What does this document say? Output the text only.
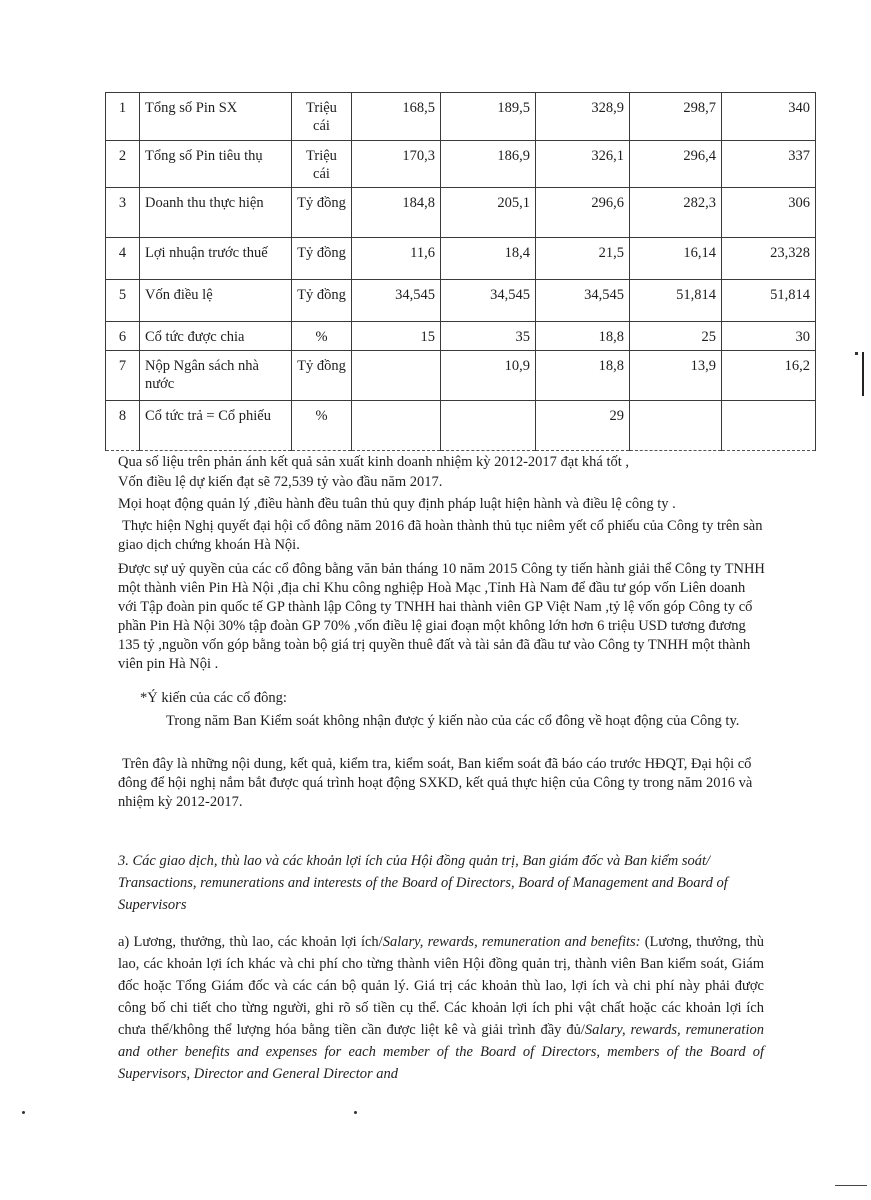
1	Tổng số Pin SX	Triệu cái	168,5	189,5	328,9	298,7	340
2	Tổng số Pin tiêu thụ	Triệu cái	170,3	186,9	326,1	296,4	337
3	Doanh thu thực hiện	Tỷ đồng	184,8	205,1	296,6	282,3	306
4	Lợi nhuận trước thuế	Tỷ đồng	11,6	18,4	21,5	16,14	23,328
5	Vốn điều lệ	Tỷ đồng	34,545	34,545	34,545	51,814	51,814
6	Cổ tức được chia	%	15	35	18,8	25	30
7	Nộp Ngân sách nhà nước	Tỷ đồng		10,9	18,8	13,9	16,2
8	Cổ tức trả = Cổ phiếu	%			29		

Qua số liệu trên phản ánh kết quả sản xuất kinh doanh nhiệm kỳ 2012-2017 đạt khá tốt ,

Vốn điều lệ dự kiến đạt sẽ 72,539 tỷ vào đầu năm 2017.

Mọi hoạt động quản lý ,điều hành đều tuân thủ quy định pháp luật hiện hành và điều lệ công ty .

Thực hiện Nghị quyết đại hội cổ đông năm 2016 đã hoàn thành thủ tục niêm yết cổ phiếu của Công ty trên sàn giao dịch chứng khoán Hà Nội.

Được sự uỷ quyền của các cổ đông bằng văn bản tháng 10 năm 2015 Công ty tiến hành giải thể Công ty TNHH một thành viên Pin Hà Nội ,địa chỉ Khu công nghiệp Hoà Mạc ,Tỉnh Hà Nam để đầu tư góp vốn Liên doanh với Tập đoàn pin quốc tế GP thành lập Công ty TNHH hai thành viên GP Việt Nam ,tỷ lệ vốn góp Công ty cổ phần Pin Hà Nội 30% tập đoàn GP 70% ,vốn điều lệ giai đoạn một không lớn hơn 6 triệu USD tương đương 135 tỷ ,nguồn vốn góp bằng toàn bộ giá trị quyền thuê đất và tài sản đã đầu tư vào Công ty TNHH một thành viên pin Hà Nội .

*Ý kiến của các cổ đông:

Trong năm Ban Kiểm soát không nhận được ý kiến nào của các cổ đông về hoạt động của Công ty.

Trên đây là những nội dung, kết quả, kiểm tra, kiểm soát, Ban kiểm soát đã báo cáo trước HĐQT, Đại hội cổ đông để hội nghị nắm bắt được quá trình hoạt động SXKD, kết quả thực hiện của Công ty trong năm 2016 và nhiệm kỳ 2012-2017.

3. Các giao dịch, thù lao và các khoản lợi ích của Hội đồng quản trị, Ban giám đốc và Ban kiểm soát/ Transactions, remunerations and interests of the Board of Directors, Board of Management and Board of Supervisors
a) Lương, thưởng, thù lao, các khoản lợi ích/Salary, rewards, remuneration and benefits: (Lương, thưởng, thù lao, các khoản lợi ích khác và chi phí cho từng thành viên Hội đồng quản trị, thành viên Ban kiểm soát, Giám đốc hoặc Tổng Giám đốc và các cán bộ quản lý. Giá trị các khoản thù lao, lợi ích và chi phí này phải được công bố chi tiết cho từng người, ghi rõ số tiền cụ thể. Các khoản lợi ích phi vật chất hoặc các khoản lợi ích chưa thể/không thể lượng hóa bằng tiền cần được liệt kê và giải trình đầy đủ/Salary, rewards, remuneration and other benefits and expenses for each member of the Board of Directors, members of the Board of Supervisors, Director and General Director and
